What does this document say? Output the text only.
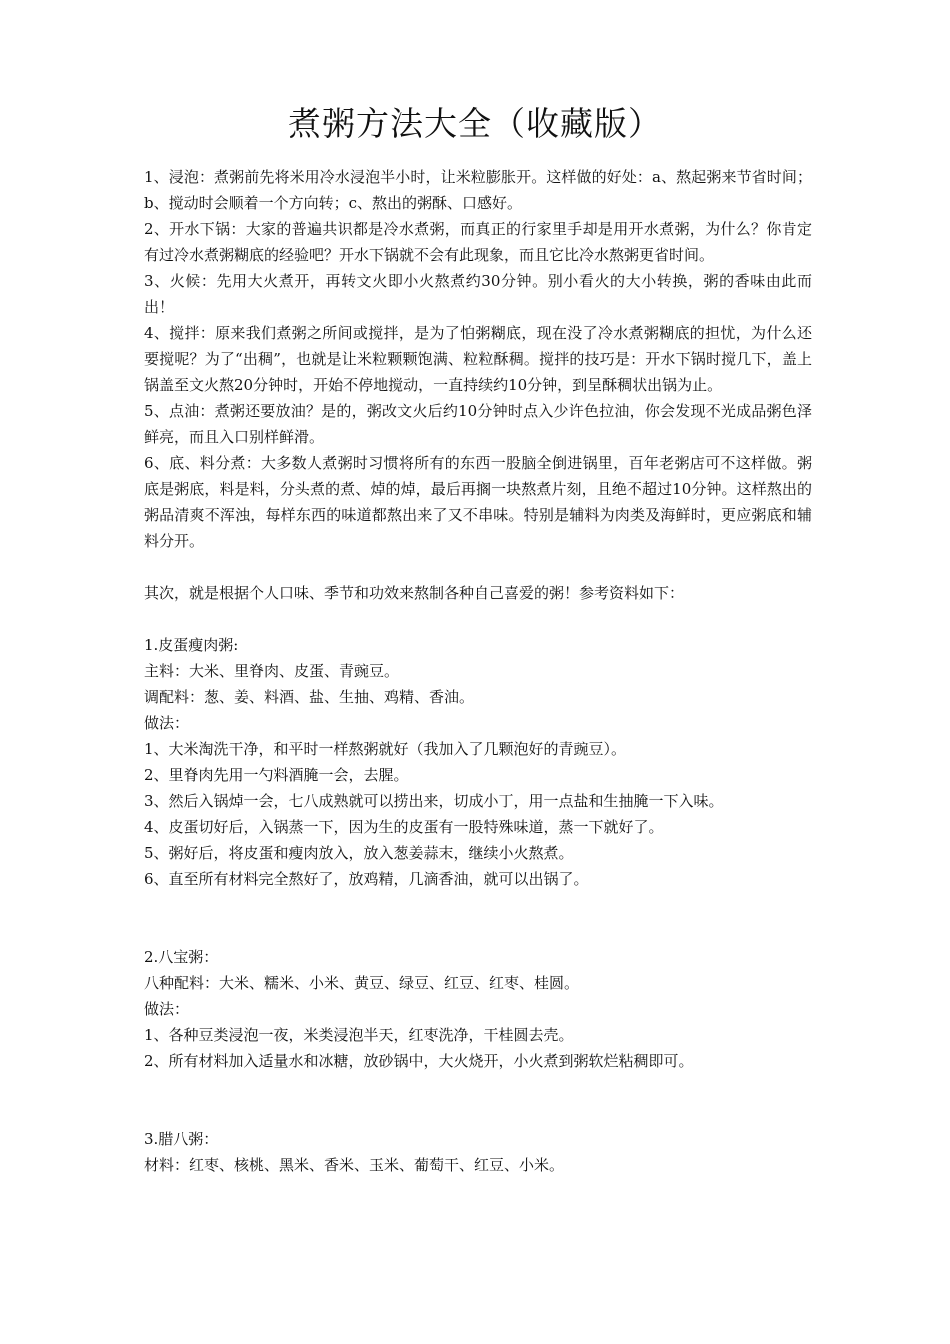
煮粥方法大全（收藏版）

1、浸泡：煮粥前先将米用冷水浸泡半小时，让米粒膨胀开。这样做的好处：a、熬起粥来节省时间；b、搅动时会顺着一个方向转；c、熬出的粥酥、口感好。

2、开水下锅：大家的普遍共识都是冷水煮粥，而真正的行家里手却是用开水煮粥，为什么？你肯定有过冷水煮粥糊底的经验吧？开水下锅就不会有此现象，而且它比冷水熬粥更省时间。

3、火候：先用大火煮开，再转文火即小火熬煮约30分钟。别小看火的大小转换，粥的香味由此而出！

4、搅拌：原来我们煮粥之所间或搅拌，是为了怕粥糊底，现在没了冷水煮粥糊底的担忧，为什么还要搅呢？为了“出稠”，也就是让米粒颗颗饱满、粒粒酥稠。搅拌的技巧是：开水下锅时搅几下，盖上锅盖至文火熬20分钟时，开始不停地搅动，一直持续约10分钟，到呈酥稠状出锅为止。

5、点油：煮粥还要放油？是的，粥改文火后约10分钟时点入少许色拉油，你会发现不光成品粥色泽鲜亮，而且入口别样鲜滑。

6、底、料分煮：大多数人煮粥时习惯将所有的东西一股脑全倒进锅里，百年老粥店可不这样做。粥底是粥底，料是料，分头煮的煮、焯的焯，最后再搁一块熬煮片刻，且绝不超过10分钟。这样熬出的粥品清爽不浑浊，每样东西的味道都熬出来了又不串味。特别是辅料为肉类及海鲜时，更应粥底和辅料分开。

其次，就是根据个人口味、季节和功效来熬制各种自己喜爱的粥！参考资料如下：

1.皮蛋瘦肉粥:

主料：大米、里脊肉、皮蛋、青豌豆。

调配料：葱、姜、料酒、盐、生抽、鸡精、香油。

做法：

1、大米淘洗干净，和平时一样熬粥就好（我加入了几颗泡好的青豌豆）。

2、里脊肉先用一勺料酒腌一会，去腥。

3、然后入锅焯一会，七八成熟就可以捞出来，切成小丁，用一点盐和生抽腌一下入味。

4、皮蛋切好后，入锅蒸一下，因为生的皮蛋有一股特殊味道，蒸一下就好了。

5、粥好后，将皮蛋和瘦肉放入，放入葱姜蒜末，继续小火熬煮。

6、直至所有材料完全熬好了，放鸡精，几滴香油，就可以出锅了。

2.八宝粥：

八种配料：大米、糯米、小米、黄豆、绿豆、红豆、红枣、桂圆。

做法：

1、各种豆类浸泡一夜，米类浸泡半天，红枣洗净，干桂圆去壳。

2、所有材料加入适量水和冰糖，放砂锅中，大火烧开，小火煮到粥软烂粘稠即可。

3.腊八粥：

材料：红枣、核桃、黑米、香米、玉米、葡萄干、红豆、小米。
